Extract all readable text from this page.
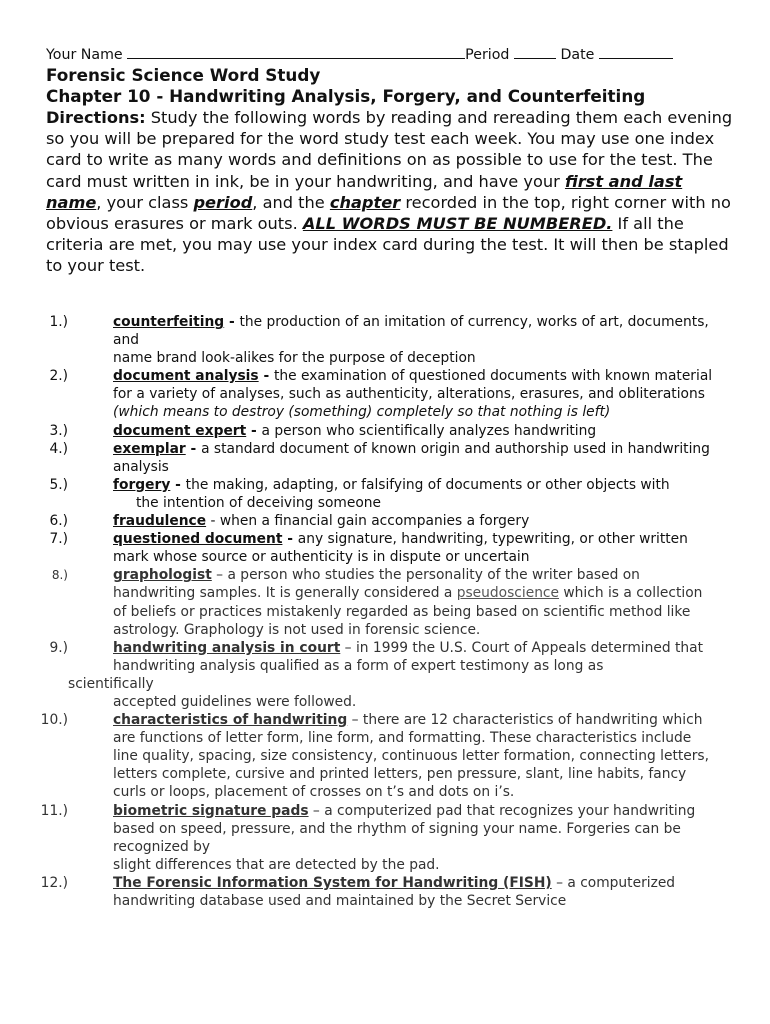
Your Name	Period	Date
Forensic Science Word Study
Chapter 10 - Handwriting Analysis, Forgery, and Counterfeiting
Directions: Study the following words by reading and rereading them each evening so you will be prepared for the word study test each week. You may use one index card to write as many words and definitions on as possible to use for the test. The card must written in ink, be in your handwriting, and have your first and last name, your class period, and the chapter recorded in the top, right corner with no obvious erasures or mark outs. ALL WORDS MUST BE NUMBERED. If all the criteria are met, you may use your index card during the test. It will then be stapled to your test.
1.)	counterfeiting - the production of an imitation of currency, works of art, documents, and
name brand look-alikes for the purpose of deception
2.)	document analysis - the examination of questioned documents with known material for a variety of analyses, such as authenticity, alterations, erasures, and obliterations (which means to destroy (something) completely so that nothing is left)
3.)	document expert - a person who scientifically analyzes handwriting
4.)	exemplar - a standard document of known origin and authorship used in handwriting analysis
5.)	forgery - the making, adapting, or falsifying of documents or other objects with
the intention of deceiving someone
6.)	fraudulence - when a financial gain accompanies a forgery
7.)	questioned document - any signature, handwriting, typewriting, or other written mark whose source or authenticity is in dispute or uncertain
8.)	graphologist – a person who studies the personality of the writer based on handwriting samples. It is generally considered a pseudoscience which is a collection of beliefs or practices mistakenly regarded as being based on scientific method like astrology. Graphology is not used in forensic science.
9.)	handwriting analysis in court – in 1999 the U.S. Court of Appeals determined that handwriting analysis qualified as a form of expert testimony as long as
scientifically
accepted guidelines were followed.
10.)	characteristics of handwriting – there are 12 characteristics of handwriting which are functions of letter form, line form, and formatting. These characteristics include line quality, spacing, size consistency, continuous letter formation, connecting letters, letters complete, cursive and printed letters, pen pressure, slant, line habits, fancy curls or loops, placement of crosses on t’s and dots on i’s.
11.)	biometric signature pads – a computerized pad that recognizes your handwriting based on speed, pressure, and the rhythm of signing your name. Forgeries can be recognized by
slight differences that are detected by the pad.
12.)	The Forensic Information System for Handwriting (FISH) – a computerized handwriting database used and maintained by the Secret Service
